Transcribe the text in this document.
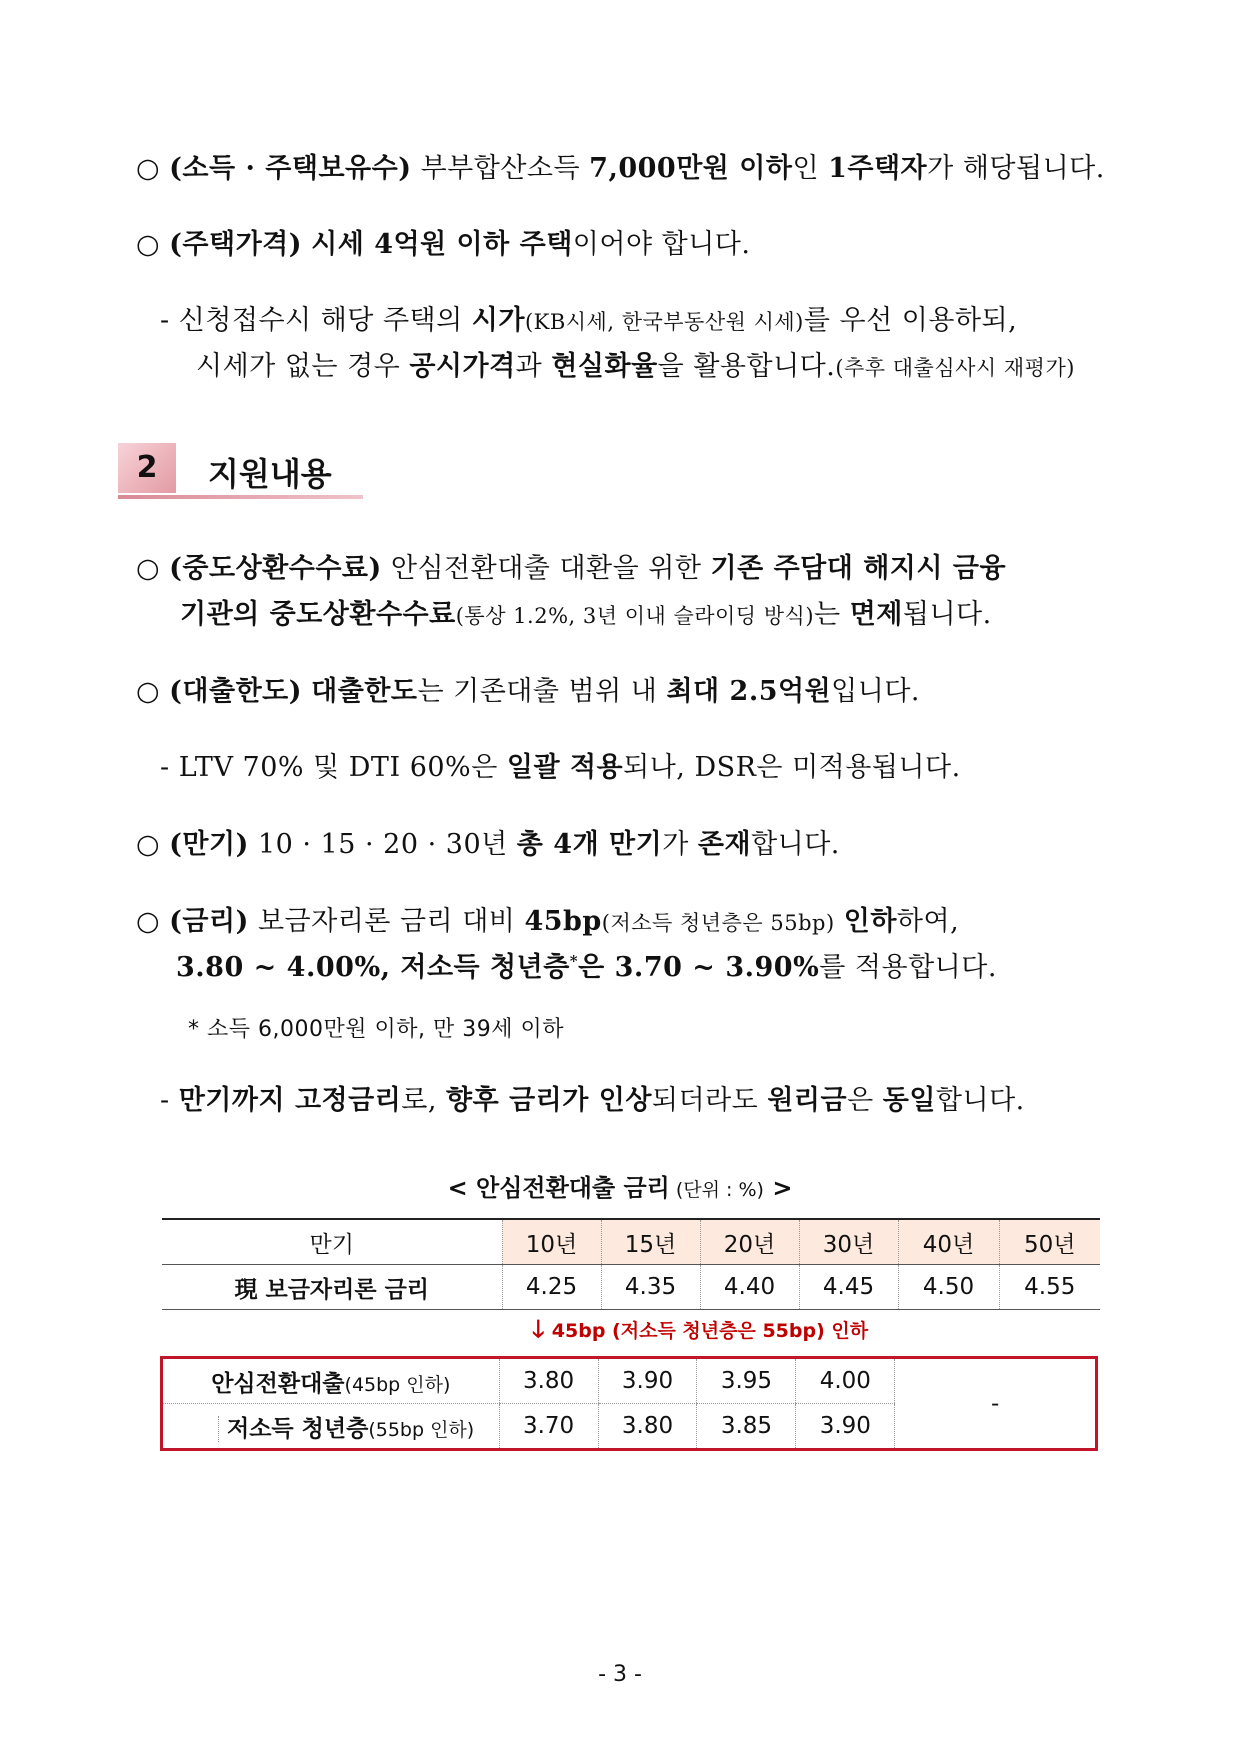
○ (소득 · 주택보유수) 부부합산소득 7,000만원 이하인 1주택자가 해당됩니다.
○ (주택가격) 시세 4억원 이하 주택이어야 합니다.
- 신청접수시 해당 주택의 시가(KB시세, 한국부동산원 시세)를 우선 이용하되,
시세가 없는 경우 공시가격과 현실화율을 활용합니다.(추후 대출심사시 재평가)
2	지원내용
○ (중도상환수수료) 안심전환대출 대환을 위한 기존 주담대 해지시 금융
기관의 중도상환수수료(통상 1.2%, 3년 이내 슬라이딩 방식)는 면제됩니다.
○ (대출한도) 대출한도는 기존대출 범위 내 최대 2.5억원입니다.
- LTV 70% 및 DTI 60%은 일괄 적용되나, DSR은 미적용됩니다.
○ (만기) 10 · 15 · 20 · 30년 총 4개 만기가 존재합니다.
○ (금리) 보금자리론 금리 대비 45bp(저소득 청년층은 55bp) 인하하여,
3.80 ~ 4.00%, 저소득 청년층*은 3.70 ~ 3.90%를 적용합니다.
* 소득 6,000만원 이하, 만 39세 이하
- 만기까지 고정금리로, 향후 금리가 인상되더라도 원리금은 동일합니다.
< 안심전환대출 금리 (단위 : %) >
만기	10년	15년	20년	30년	40년	50년
現 보금자리론 금리	4.25	4.35	4.40	4.45	4.50	4.55
	🡓 45bp (저소득 청년층은 55bp) 인하					
안심전환대출(45bp 인하)	3.80	3.90	3.95	4.00	-
저소득 청년층(55bp 인하)	3.70	3.80	3.85	3.90	
- 3 -
